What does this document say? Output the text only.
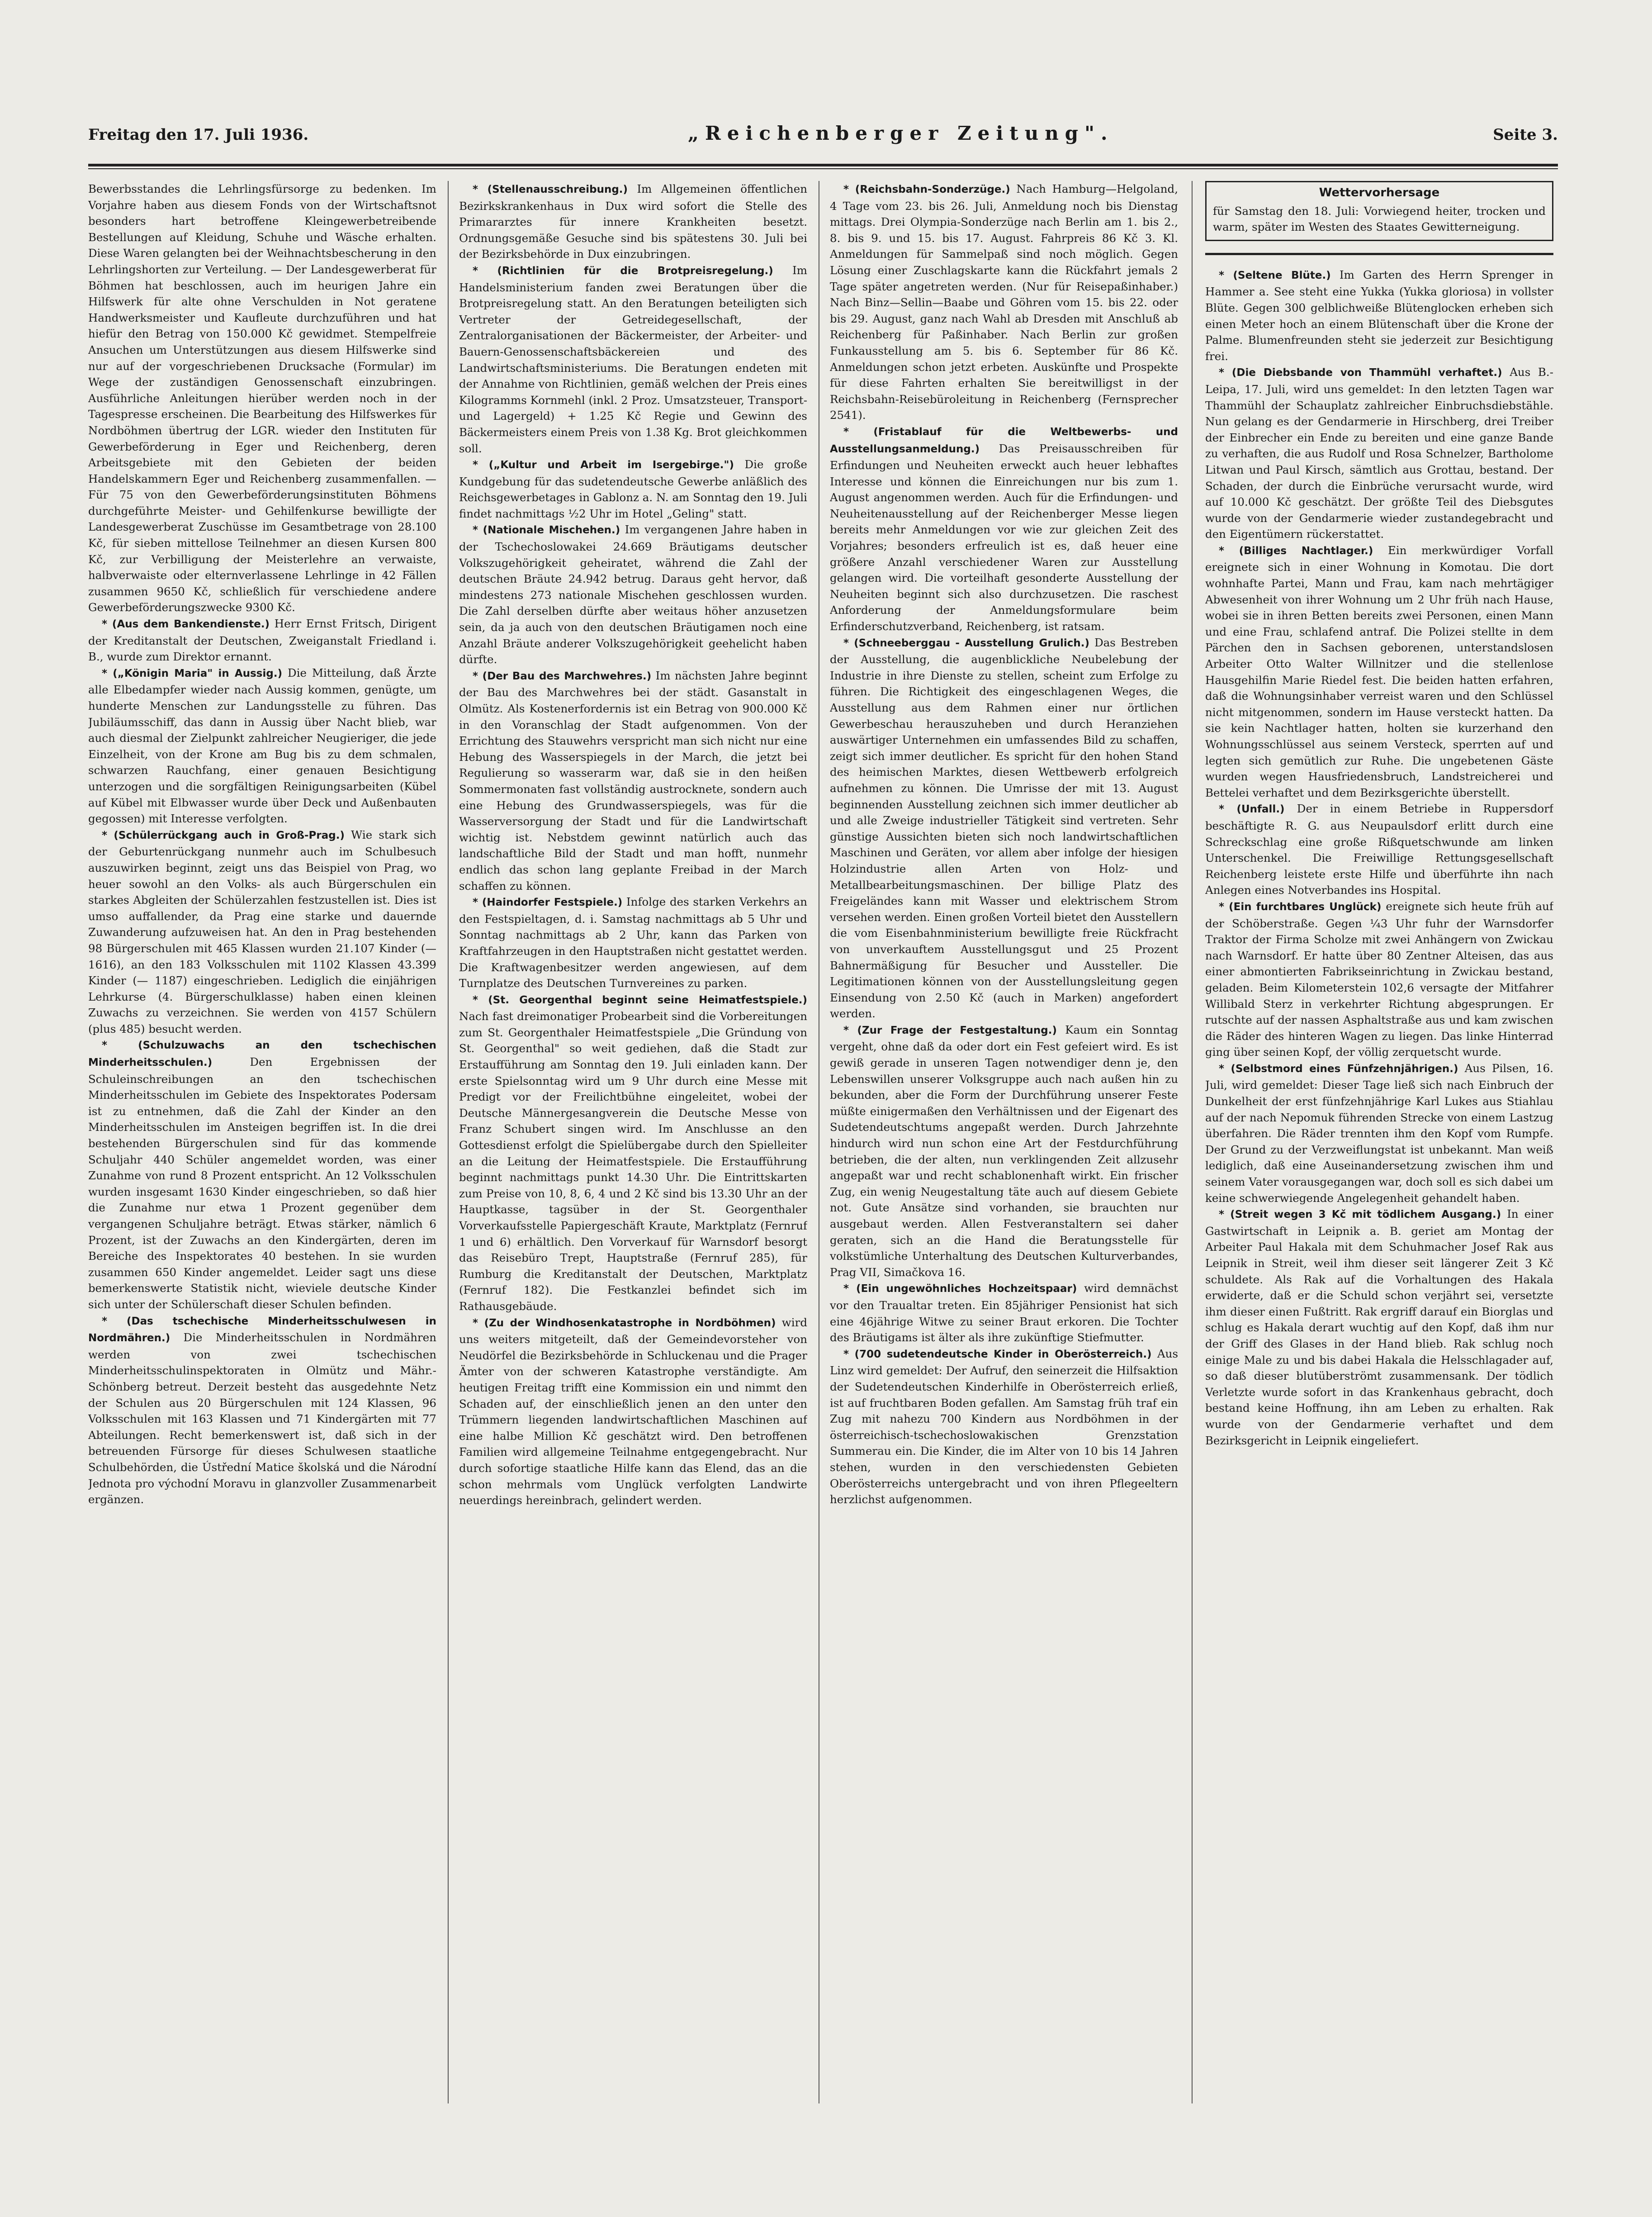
Freitag den 17. Juli 1936.	„Reichenberger Zeitung".	Seite 3.

Bewerbsstandes die Lehrlingsfürsorge zu bedenken. Im Vorjahre haben aus diesem Fonds von der Wirtschaftsnot besonders hart betroffene Kleingewerbetreibende Bestellungen auf Kleidung, Schuhe und Wäsche erhalten. Diese Waren gelangten bei der Weihnachtsbescherung in den Lehrlingshorten zur Verteilung. — Der Landesgewerberat für Böhmen hat beschlossen, auch im heurigen Jahre ein Hilfswerk für alte ohne Verschulden in Not geratene Handwerksmeister und Kaufleute durchzuführen und hat hiefür den Betrag von 150.000 Kč gewidmet. Stempelfreie Ansuchen um Unterstützungen aus diesem Hilfswerke sind nur auf der vorgeschriebenen Drucksache (Formular) im Wege der zuständigen Genossenschaft einzubringen. Ausführliche Anleitungen hierüber werden noch in der Tagespresse erscheinen. Die Bearbeitung des Hilfswerkes für Nordböhmen übertrug der LGR. wieder den Instituten für Gewerbeförderung in Eger und Reichenberg, deren Arbeitsgebiete mit den Gebieten der beiden Handelskammern Eger und Reichenberg zusammenfallen. — Für 75 von den Gewerbeförderungsinstituten Böhmens durchgeführte Meister- und Gehilfenkurse bewilligte der Landesgewerberat Zuschüsse im Gesamtbetrage von 28.100 Kč, für sieben mittellose Teilnehmer an diesen Kursen 800 Kč, zur Verbilligung der Meisterlehre an verwaiste, halbverwaiste oder elternverlassene Lehrlinge in 42 Fällen zusammen 9650 Kč, schließlich für verschiedene andere Gewerbeförderungszwecke 9300 Kč.

* (Aus dem Bankendienste.) Herr Ernst Fritsch, Dirigent der Kreditanstalt der Deutschen, Zweiganstalt Friedland i. B., wurde zum Direktor ernannt.

* („Königin Maria" in Aussig.) Die Mitteilung, daß Ärzte alle Elbedampfer wieder nach Aussig kommen, genügte, um hunderte Menschen zur Landungsstelle zu führen. Das Jubiläumsschiff, das dann in Aussig über Nacht blieb, war auch diesmal der Zielpunkt zahlreicher Neugieriger, die jede Einzelheit, von der Krone am Bug bis zu dem schmalen, schwarzen Rauchfang, einer genauen Besichtigung unterzogen und die sorgfältigen Reinigungsarbeiten (Kübel auf Kübel mit Elbwasser wurde über Deck und Außenbauten gegossen) mit Interesse verfolgten.

* (Schülerrückgang auch in Groß-Prag.) Wie stark sich der Geburtenrückgang nunmehr auch im Schulbesuch auszuwirken beginnt, zeigt uns das Beispiel von Prag, wo heuer sowohl an den Volks- als auch Bürgerschulen ein starkes Abgleiten der Schülerzahlen festzustellen ist. Dies ist umso auffallender, da Prag eine starke und dauernde Zuwanderung aufzuweisen hat. An den in Prag bestehenden 98 Bürgerschulen mit 465 Klassen wurden 21.107 Kinder (— 1616), an den 183 Volksschulen mit 1102 Klassen 43.399 Kinder (— 1187) eingeschrieben. Lediglich die einjährigen Lehrkurse (4. Bürgerschulklasse) haben einen kleinen Zuwachs zu verzeichnen. Sie werden von 4157 Schülern (plus 485) besucht werden.

* (Schulzuwachs an den tschechischen Minderheitsschulen.)	Den Ergebnissen der Schuleinschreibungen an den tschechischen Minderheitsschulen im Gebiete des Inspektorates Podersam ist zu entnehmen, daß die Zahl der Kinder an den Minderheitsschulen im Ansteigen begriffen ist. In die drei bestehenden Bürgerschulen sind für das kommende Schuljahr 440 Schüler angemeldet worden, was einer Zunahme von rund 8 Prozent entspricht. An 12 Volksschulen wurden insgesamt 1630 Kinder eingeschrieben, so daß hier die Zunahme nur etwa 1 Prozent gegenüber dem vergangenen Schuljahre beträgt. Etwas stärker, nämlich 6 Prozent, ist der Zuwachs an den Kindergärten, deren im Bereiche des Inspektorates 40 bestehen. In sie wurden zusammen 650 Kinder angemeldet. Leider sagt uns diese bemerkenswerte Statistik nicht, wieviele deutsche Kinder sich unter der Schülerschaft dieser Schulen befinden.

* (Das tschechische Minderheitsschulwesen in Nordmähren.) Die Minderheitsschulen in Nordmähren werden von zwei tschechischen Minderheitsschulinspektoraten in Olmütz und Mähr.-Schönberg betreut. Derzeit besteht das ausgedehnte Netz der Schulen aus 20 Bürgerschulen mit 124 Klassen, 96 Volksschulen mit 163 Klassen und 71 Kindergärten mit 77 Abteilungen. Recht bemerkenswert ist, daß sich in der betreuenden Fürsorge für dieses Schulwesen staatliche Schulbehörden, die Ústřední Matice školská und die Národní Jednota pro východní Moravu in glanzvoller Zusammenarbeit ergänzen.

* (Stellenausschreibung.) Im Allgemeinen öffentlichen Bezirkskrankenhaus in Dux wird sofort die Stelle des Primararztes für innere Krankheiten besetzt. Ordnungsgemäße Gesuche sind bis spätestens 30. Juli bei der Bezirksbehörde in Dux einzubringen.

* (Richtlinien für die Brotpreisregelung.) Im Handelsministerium fanden zwei Beratungen über die Brotpreisregelung statt. An den Beratungen beteiligten sich Vertreter der Getreidegesellschaft, der Zentralorganisationen der Bäckermeister, der Arbeiter- und Bauern-Genossenschaftsbäckereien und des Landwirtschaftsministeriums. Die Beratungen endeten mit der Annahme von Richtlinien, gemäß welchen der Preis eines Kilogramms Kornmehl (inkl. 2 Proz. Umsatzsteuer, Transport- und Lagergeld) + 1.25 Kč Regie und Gewinn des Bäckermeisters einem Preis von 1.38 Kg. Brot gleichkommen soll.

* („Kultur und Arbeit im Isergebirge.") Die große Kundgebung für das sudetendeutsche Gewerbe anläßlich des Reichsgewerbetages in Gablonz a. N. am Sonntag den 19. Juli findet nachmittags ½2 Uhr im Hotel „Geling" statt.

* (Nationale Mischehen.) Im vergangenen Jahre haben in der Tschechoslowakei 24.669 Bräutigams deutscher Volkszugehörigkeit geheiratet, während die Zahl der deutschen Bräute 24.942 betrug. Daraus geht hervor, daß mindestens 273 nationale Mischehen geschlossen wurden. Die Zahl derselben dürfte aber weitaus höher anzusetzen sein, da ja auch von den deutschen Bräutigamen noch eine Anzahl Bräute anderer Volkszugehörigkeit geehelicht haben dürfte.

* (Der Bau des Marchwehres.) Im nächsten Jahre beginnt der Bau des Marchwehres bei der städt. Gasanstalt in Olmütz. Als Kostenerfordernis ist ein Betrag von 900.000 Kč in den Voranschlag der Stadt aufgenommen. Von der Errichtung des Stauwehrs verspricht man sich nicht nur eine Hebung des Wasserspiegels in der March, die jetzt bei Regulierung so wasserarm war, daß sie in den heißen Sommermonaten fast vollständig austrocknete, sondern auch eine Hebung des Grundwasserspiegels, was für die Wasserversorgung der Stadt und für die Landwirtschaft wichtig ist. Nebstdem gewinnt natürlich auch das landschaftliche Bild der Stadt und man hofft, nunmehr endlich das schon lang geplante Freibad in der March schaffen zu können.

* (Haindorfer Festspiele.) Infolge des starken Verkehrs an den Festspieltagen, d. i. Samstag nachmittags ab 5 Uhr und Sonntag nachmittags ab 2 Uhr, kann das Parken von Kraftfahrzeugen in den Hauptstraßen nicht gestattet werden. Die Kraftwagenbesitzer werden angewiesen, auf dem Turnplatze des Deutschen Turnvereines zu parken.

* (St. Georgenthal beginnt seine Heimatfestspiele.) Nach fast dreimonatiger Probearbeit sind die Vorbereitungen zum St. Georgenthaler Heimatfestspiele „Die Gründung von St. Georgenthal" so weit gediehen, daß die Stadt zur Erstaufführung am Sonntag den 19. Juli einladen kann. Der erste Spielsonntag wird um 9 Uhr durch eine Messe mit Predigt vor der Freilichtbühne eingeleitet, wobei der Deutsche Männergesangverein die Deutsche Messe von Franz Schubert singen wird. Im Anschlusse an den Gottesdienst erfolgt die Spielübergabe durch den Spielleiter an die Leitung der Heimatfestspiele. Die Erstaufführung beginnt nachmittags punkt 14.30 Uhr. Die Eintrittskarten zum Preise von 10, 8, 6, 4 und 2 Kč sind bis 13.30 Uhr an der Hauptkasse, tagsüber in der St. Georgenthaler Vorverkaufsstelle Papiergeschäft Kraute, Marktplatz (Fernruf 1 und 6) erhältlich. Den Vorverkauf für Warnsdorf besorgt das Reisebüro Trept, Hauptstraße (Fernruf 285), für Rumburg die Kreditanstalt der Deutschen, Marktplatz (Fernruf 182). Die Festkanzlei befindet sich im Rathausgebäude.

* (Zu der Windhosenkatastrophe in Nordböhmen) wird uns weiters mitgeteilt, daß der Gemeindevorsteher von Neudörfel die Bezirksbehörde in Schluckenau und die Prager Ämter von der schweren Katastrophe verständigte. Am heutigen Freitag trifft eine Kommission ein und nimmt den Schaden auf, der einschließlich jenen an den unter den Trümmern liegenden landwirtschaftlichen Maschinen auf eine halbe Million Kč geschätzt wird. Den betroffenen Familien wird allgemeine Teilnahme entgegengebracht. Nur durch sofortige staatliche Hilfe kann das Elend, das an die schon mehrmals vom Unglück verfolgten Landwirte neuerdings hereinbrach, gelindert werden.

* (Reichsbahn-Sonderzüge.) Nach Hamburg—Helgoland, 4 Tage vom 23. bis 26. Juli, Anmeldung noch bis Dienstag mittags. Drei Olympia-Sonderzüge nach Berlin am 1. bis 2., 8. bis 9. und 15. bis 17. August. Fahrpreis 86 Kč 3. Kl. Anmeldungen für Sammelpaß sind noch möglich. Gegen Lösung einer Zuschlagskarte kann die Rückfahrt jemals 2 Tage später angetreten werden. (Nur für Reisepaßinhaber.) Nach Binz—Sellin—Baabe und Göhren vom 15. bis 22. oder bis 29. August, ganz nach Wahl ab Dresden mit Anschluß ab Reichenberg für Paßinhaber. Nach Berlin zur großen Funkausstellung am 5. bis 6. September für 86 Kč. Anmeldungen schon jetzt erbeten. Auskünfte und Prospekte für diese Fahrten erhalten Sie bereitwilligst in der Reichsbahn-Reisebüroleitung in Reichenberg (Fernsprecher 2541).

* (Fristablauf für die Weltbewerbs- und Ausstellungsanmeldung.) Das Preisausschreiben für Erfindungen und Neuheiten erweckt auch heuer lebhaftes Interesse und können die Einreichungen nur bis zum 1. August angenommen werden. Auch für die Erfindungen- und Neuheitenausstellung auf der Reichenberger Messe liegen bereits mehr Anmeldungen vor wie zur gleichen Zeit des Vorjahres; besonders erfreulich ist es, daß heuer eine größere Anzahl verschiedener Waren zur Ausstellung gelangen wird. Die vorteilhaft gesonderte Ausstellung der Neuheiten beginnt sich also durchzusetzen. Die raschest Anforderung der Anmeldungsformulare beim Erfinderschutzverband, Reichenberg, ist ratsam.

* (Schneeberggau - Ausstellung Grulich.) Das Bestreben der Ausstellung, die augenblickliche Neubelebung der Industrie in ihre Dienste zu stellen, scheint zum Erfolge zu führen. Die Richtigkeit des eingeschlagenen Weges, die Ausstellung aus dem Rahmen einer nur örtlichen Gewerbeschau herauszuheben und durch Heranziehen auswärtiger Unternehmen ein umfassendes Bild zu schaffen, zeigt sich immer deutlicher. Es spricht für den hohen Stand des heimischen Marktes, diesen Wettbewerb erfolgreich aufnehmen zu können. Die Umrisse der mit 13. August beginnenden Ausstellung zeichnen sich immer deutlicher ab und alle Zweige industrieller Tätigkeit sind vertreten. Sehr günstige Aussichten bieten sich noch landwirtschaftlichen Maschinen und Geräten, vor allem aber infolge der hiesigen Holzindustrie allen Arten von Holz- und Metallbearbeitungsmaschinen. Der billige Platz des Freigeländes kann mit Wasser und elektrischem Strom versehen werden. Einen großen Vorteil bietet den Ausstellern die vom Eisenbahnministerium bewilligte freie Rückfracht von unverkauftem Ausstellungsgut und 25 Prozent Bahnermäßigung für Besucher und Aussteller. Die Legitimationen können von der Ausstellungsleitung gegen Einsendung von 2.50 Kč (auch in Marken) angefordert werden.

* (Zur Frage der Festgestaltung.) Kaum ein Sonntag vergeht, ohne daß da oder dort ein Fest gefeiert wird. Es ist gewiß gerade in unseren Tagen notwendiger denn je, den Lebenswillen unserer Volksgruppe auch nach außen hin zu bekunden, aber die Form der Durchführung unserer Feste müßte einigermaßen den Verhältnissen und der Eigenart des Sudetendeutschtums angepaßt werden. Durch Jahrzehnte hindurch wird nun schon eine Art der Festdurchführung betrieben, die der alten, nun verklingenden Zeit allzusehr angepaßt war und recht schablonenhaft wirkt. Ein frischer Zug, ein wenig Neugestaltung täte auch auf diesem Gebiete not. Gute Ansätze sind vorhanden, sie brauchten nur ausgebaut werden. Allen Festveranstaltern sei daher geraten, sich an die Hand die Beratungsstelle für volkstümliche Unterhaltung des Deutschen Kulturverbandes, Prag VII, Simačkova 16.

* (Ein ungewöhnliches Hochzeitspaar) wird demnächst vor den Traualtar treten. Ein 85jähriger Pensionist hat sich eine 46jährige Witwe zu seiner Braut erkoren. Die Tochter des Bräutigams ist älter als ihre zukünftige Stiefmutter.

* (700 sudetendeutsche Kinder in Oberösterreich.) Aus Linz wird gemeldet: Der Aufruf, den seinerzeit die Hilfsaktion der Sudetendeutschen Kinderhilfe in Oberösterreich erließ, ist auf fruchtbaren Boden gefallen. Am Samstag früh traf ein Zug mit nahezu 700 Kindern aus Nordböhmen in der österreichisch-tschechoslowakischen Grenzstation Summerau ein. Die Kinder, die im Alter von 10 bis 14 Jahren stehen, wurden in den verschiedensten Gebieten Oberösterreichs untergebracht und von ihren Pflegeeltern herzlichst aufgenommen.

Wettervorhersage

für Samstag den 18. Juli: Vorwiegend heiter, trocken und warm, später im Westen des Staates Gewitterneigung.

* (Seltene Blüte.) Im Garten des Herrn Sprenger in Hammer a. See steht eine Yukka (Yukka gloriosa) in vollster Blüte. Gegen 300 gelblichweiße Blütenglocken erheben sich einen Meter hoch an einem Blütenschaft über die Krone der Palme. Blumenfreunden steht sie jederzeit zur Besichtigung frei.

* (Die Diebsbande von Thammühl verhaftet.) Aus B.-Leipa, 17. Juli, wird uns gemeldet: In den letzten Tagen war Thammühl der Schauplatz zahlreicher Einbruchsdiebstähle. Nun gelang es der Gendarmerie in Hirschberg, drei Treiber der Einbrecher ein Ende zu bereiten und eine ganze Bande zu verhaften, die aus Rudolf und Rosa Schnelzer, Bartholome Litwan und Paul Kirsch, sämtlich aus Grottau, bestand. Der Schaden, der durch die Einbrüche verursacht wurde, wird auf 10.000 Kč geschätzt. Der größte Teil des Diebsgutes wurde von der Gendarmerie wieder zustandegebracht und den Eigentümern rückerstattet.

* (Billiges Nachtlager.) Ein merkwürdiger Vorfall ereignete sich in einer Wohnung in Komotau. Die dort wohnhafte Partei, Mann und Frau, kam nach mehrtägiger Abwesenheit von ihrer Wohnung um 2 Uhr früh nach Hause, wobei sie in ihren Betten bereits zwei Personen, einen Mann und eine Frau, schlafend antraf. Die Polizei stellte in dem Pärchen den in Sachsen geborenen, unterstandslosen Arbeiter Otto Walter Willnitzer und die stellenlose Hausgehilfin Marie Riedel fest. Die beiden hatten erfahren, daß die Wohnungsinhaber verreist waren und den Schlüssel nicht mitgenommen, sondern im Hause versteckt hatten. Da sie kein Nachtlager hatten, holten sie kurzerhand den Wohnungsschlüssel aus seinem Versteck, sperrten auf und legten sich gemütlich zur Ruhe. Die ungebetenen Gäste wurden wegen Hausfriedensbruch, Landstreicherei und Bettelei verhaftet und dem Bezirksgerichte überstellt.

* (Unfall.) Der in einem Betriebe in Ruppersdorf beschäftigte R. G. aus Neupaulsdorf erlitt durch eine Schreckschlag eine große Rißquetschwunde am linken Unterschenkel. Die Freiwillige Rettungsgesellschaft Reichenberg leistete erste Hilfe und überführte ihn nach Anlegen eines Notverbandes ins Hospital.

* (Ein furchtbares Unglück) ereignete sich heute früh auf der Schöberstraße. Gegen ¼3 Uhr fuhr der Warnsdorfer Traktor der Firma Scholze mit zwei Anhängern von Zwickau nach Warnsdorf. Er hatte über 80 Zentner Alteisen, das aus einer abmontierten Fabrikseinrichtung in Zwickau bestand, geladen. Beim Kilometerstein 102,6 versagte der Mitfahrer Willibald Sterz in verkehrter Richtung abgesprungen. Er rutschte auf der nassen Asphaltstraße aus und kam zwischen die Räder des hinteren Wagen zu liegen. Das linke Hinterrad ging über seinen Kopf, der völlig zerquetscht wurde.

* (Selbstmord eines Fünfzehnjährigen.) Aus Pilsen, 16. Juli, wird gemeldet: Dieser Tage ließ sich nach Einbruch der Dunkelheit der erst fünfzehnjährige Karl Lukes aus Stiahlau auf der nach Nepomuk führenden Strecke von einem Lastzug überfahren. Die Räder trennten ihm den Kopf vom Rumpfe. Der Grund zu der Verzweiflungstat ist unbekannt. Man weiß lediglich, daß eine Auseinandersetzung zwischen ihm und seinem Vater vorausgegangen war, doch soll es sich dabei um keine schwerwiegende Angelegenheit gehandelt haben.

* (Streit wegen 3 Kč mit tödlichem Ausgang.) In einer Gastwirtschaft in Leipnik a. B. geriet am Montag der Arbeiter Paul Hakala mit dem Schuhmacher Josef Rak aus Leipnik in Streit, weil ihm dieser seit längerer Zeit 3 Kč schuldete. Als Rak auf die Vorhaltungen des Hakala erwiderte, daß er die Schuld schon verjährt sei, versetzte ihm dieser einen Fußtritt. Rak ergriff darauf ein Biorglas und schlug es Hakala derart wuchtig auf den Kopf, daß ihm nur der Griff des Glases in der Hand blieb. Rak schlug noch einige Male zu und bis dabei Hakala die Helsschlagader auf, so daß dieser blutüberströmt zusammensank. Der tödlich Verletzte wurde sofort in das Krankenhaus gebracht, doch bestand keine Hoffnung, ihn am Leben zu erhalten. Rak wurde von der Gendarmerie verhaftet und dem Bezirksgericht in Leipnik eingeliefert.
